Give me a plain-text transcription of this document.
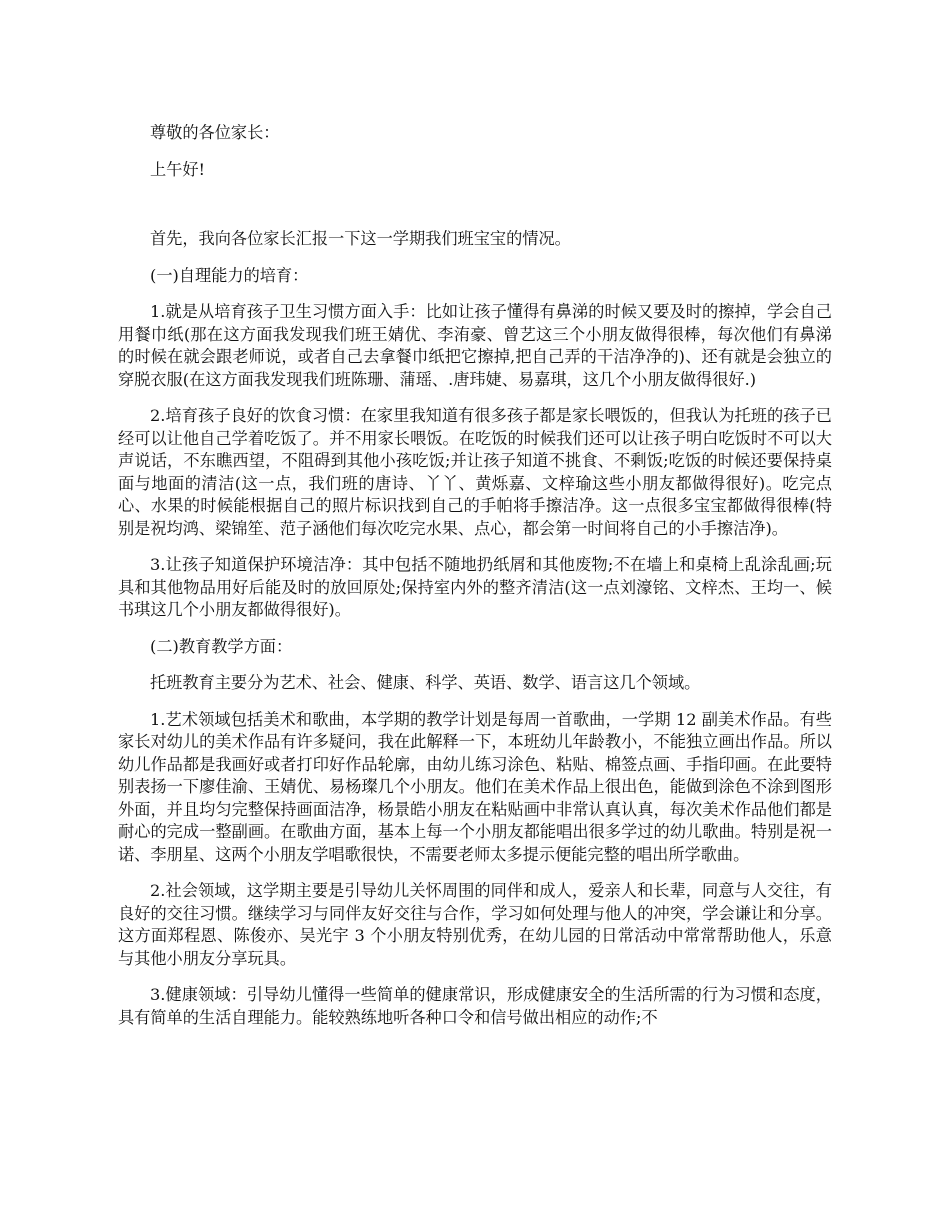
尊敬的各位家长：

上午好!

首先，我向各位家长汇报一下这一学期我们班宝宝的情况。

(一)自理能力的培育：

1.就是从培育孩子卫生习惯方面入手：比如让孩子懂得有鼻涕的时候又要及时的擦掉，学会自己用餐巾纸(那在这方面我发现我们班王婧优、李洧豪、曾艺这三个小朋友做得很棒，每次他们有鼻涕的时候在就会跟老师说，或者自己去拿餐巾纸把它擦掉,把自己弄的干洁净净的)、还有就是会独立的穿脱衣服(在这方面我发现我们班陈珊、蒲瑶、.唐玮婕、易嘉琪，这几个小朋友做得很好.)

2.培育孩子良好的饮食习惯：在家里我知道有很多孩子都是家长喂饭的，但我认为托班的孩子已经可以让他自己学着吃饭了。并不用家长喂饭。在吃饭的时候我们还可以让孩子明白吃饭时不可以大声说话，不东瞧西望，不阻碍到其他小孩吃饭;并让孩子知道不挑食、不剩饭;吃饭的时候还要保持桌面与地面的清洁(这一点，我们班的唐诗、丫丫、黄烁嘉、文梓瑜这些小朋友都做得很好)。吃完点心、水果的时候能根据自己的照片标识找到自己的手帕将手擦洁净。这一点很多宝宝都做得很棒(特别是祝均鸿、梁锦笙、范子涵他们每次吃完水果、点心，都会第一时间将自己的小手擦洁净)。

3.让孩子知道保护环境洁净：其中包括不随地扔纸屑和其他废物;不在墙上和桌椅上乱涂乱画;玩具和其他物品用好后能及时的放回原处;保持室内外的整齐清洁(这一点刘濠铭、文梓杰、王均一、候书琪这几个小朋友都做得很好)。

(二)教育教学方面：

托班教育主要分为艺术、社会、健康、科学、英语、数学、语言这几个领域。

1.艺术领域包括美术和歌曲，本学期的教学计划是每周一首歌曲，一学期 12 副美术作品。有些家长对幼儿的美术作品有许多疑问，我在此解释一下，本班幼儿年龄教小，不能独立画出作品。所以幼儿作品都是我画好或者打印好作品轮廓，由幼儿练习涂色、粘贴、棉签点画、手指印画。在此要特别表扬一下廖佳渝、王婧优、易杨璨几个小朋友。他们在美术作品上很出色，能做到涂色不涂到图形外面，并且均匀完整保持画面洁净，杨景皓小朋友在粘贴画中非常认真认真，每次美术作品他们都是耐心的完成一整副画。在歌曲方面，基本上每一个小朋友都能唱出很多学过的幼儿歌曲。特别是祝一诺、李朋星、这两个小朋友学唱歌很快，不需要老师太多提示便能完整的唱出所学歌曲。

2.社会领域，这学期主要是引导幼儿关怀周围的同伴和成人，爱亲人和长辈，同意与人交往，有良好的交往习惯。继续学习与同伴友好交往与合作，学习如何处理与他人的冲突，学会谦让和分享。这方面郑程恩、陈俊亦、吴光宇 3 个小朋友特别优秀，在幼儿园的日常活动中常常帮助他人，乐意与其他小朋友分享玩具。

3.健康领域：引导幼儿懂得一些简单的健康常识，形成健康安全的生活所需的行为习惯和态度，具有简单的生活自理能力。能较熟练地听各种口令和信号做出相应的动作;不
